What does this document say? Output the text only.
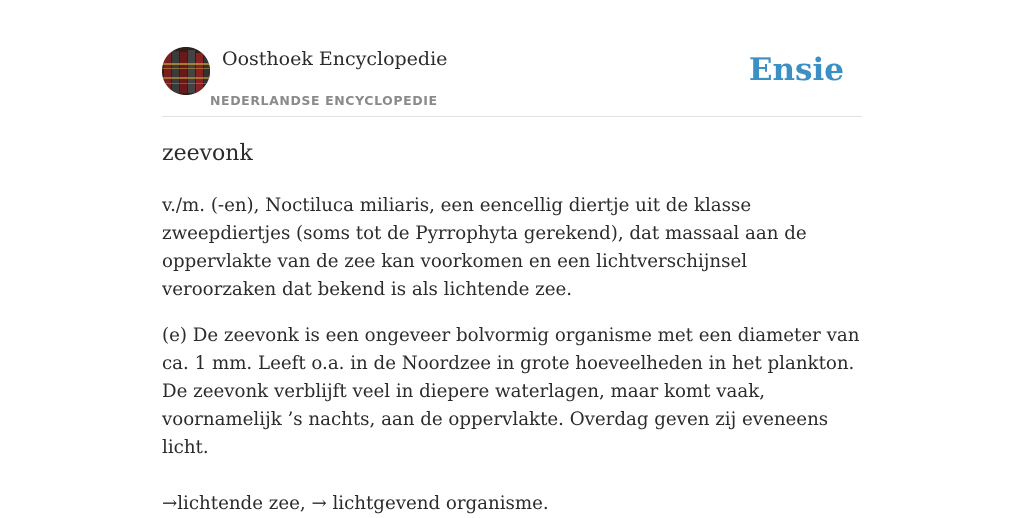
Oosthoek Encyclopedie
NEDERLANDSE ENCYCLOPEDIE
Ensie
zeevonk

v./m. (-en), Noctiluca miliaris, een eencellig diertje uit de klasse zweepdiertjes (soms tot de Pyrrophyta gerekend), dat massaal aan de oppervlakte van de zee kan voorkomen en een lichtverschijnsel veroorzaken dat bekend is als lichtende zee.

(e) De zeevonk is een ongeveer bolvormig organisme met een diameter van ca. 1 mm. Leeft o.a. in de Noordzee in grote hoeveelheden in het plankton. De zeevonk verblijft veel in diepere waterlagen, maar komt vaak, voornamelijk ’s nachts, aan de oppervlakte. Overdag geven zij eveneens licht.

→lichtende zee, → lichtgevend organisme.
